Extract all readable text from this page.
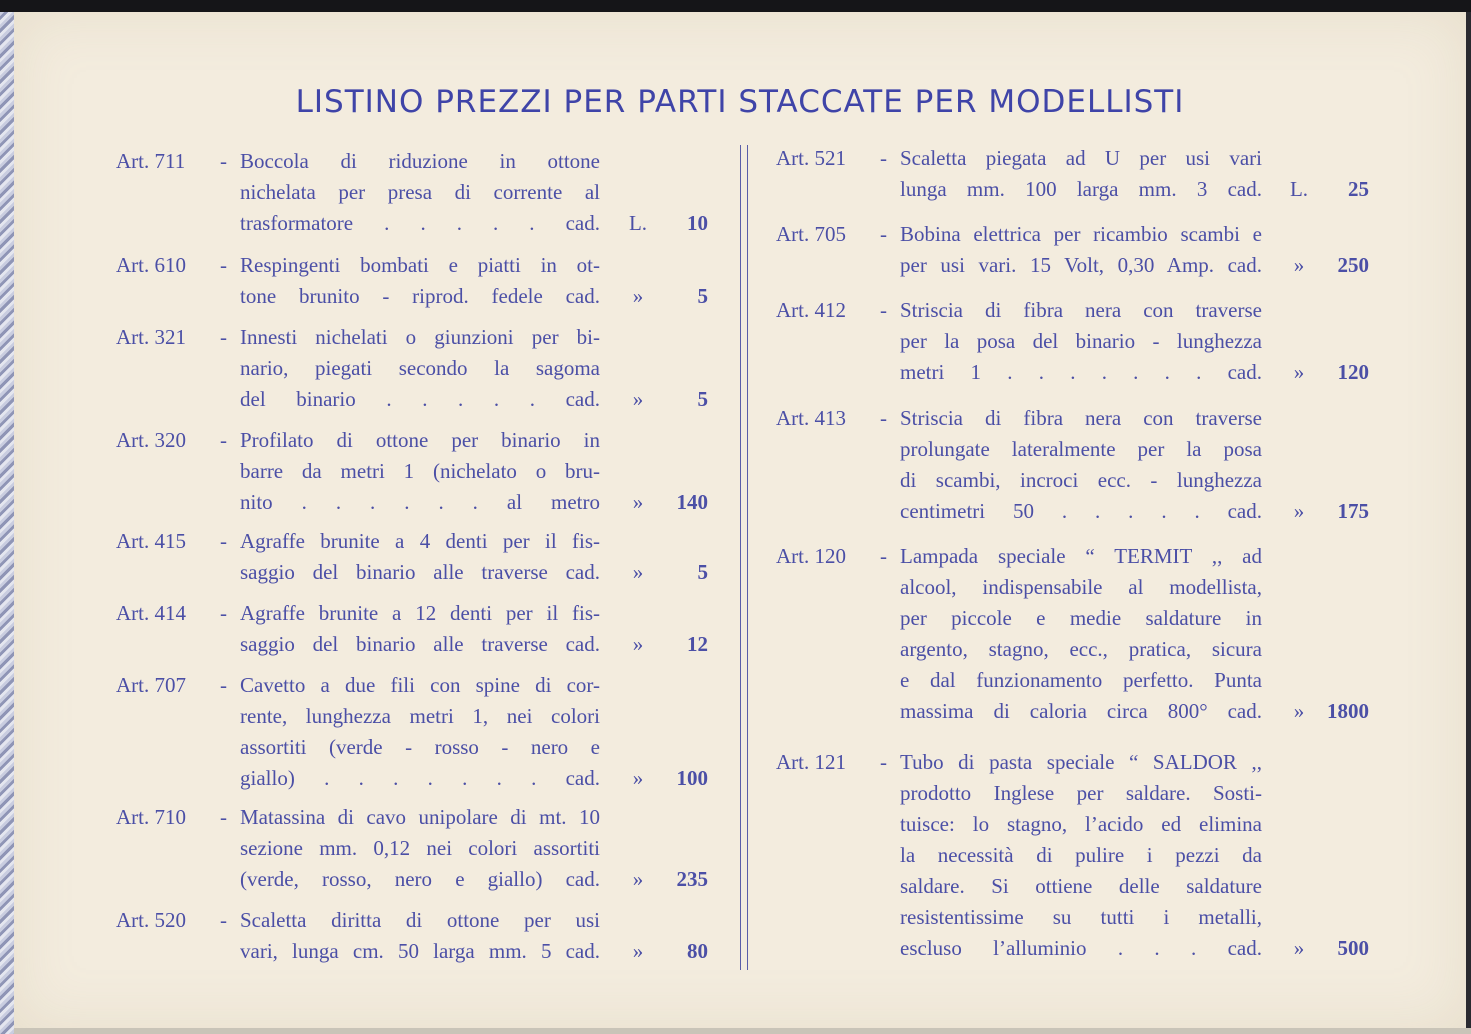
LISTINO PREZZI PER PARTI STACCATE PER MODELLISTI
Art. 711 - Boccola di riduzione in ottone
nichelata per presa di corrente al
trasformatore . . . . . cad. L.	10
Art. 610 - Respingenti bombati e piatti in ot-
tone brunito - riprod. fedele cad.	»	5
Art. 321 - Innesti nichelati o giunzioni per bi-
nario, piegati secondo la sagoma
del binario . . . . . cad.	»	5
Art. 320 - Profilato di ottone per binario in
barre da metri 1 (nichelato o bru-
nito . . . . . . al metro	»	140
Art. 415 - Agraffe brunite a 4 denti per il fis-
saggio del binario alle traverse cad.	»	5
Art. 414 - Agraffe brunite a 12 denti per il fis-
saggio del binario alle traverse cad.	»	12
Art. 707 - Cavetto a due fili con spine di cor-
rente, lunghezza metri 1, nei colori
assortiti (verde - rosso - nero e
giallo) . . . . . . . cad.	»	100
Art. 710 - Matassina di cavo unipolare di mt. 10
sezione mm. 0,12 nei colori assortiti
(verde, rosso, nero e giallo) cad.	»	235
Art. 520 - Scaletta diritta di ottone per usi
vari, lunga cm. 50 larga mm. 5 cad.	»	80
Art. 521 - Scaletta piegata ad U per usi vari
lunga mm. 100 larga mm. 3 cad. L.	25
Art. 705 - Bobina elettrica per ricambio scambi e
per usi vari. 15 Volt, 0,30 Amp. cad.	»	250
Art. 412 - Striscia di fibra nera con traverse
per la posa del binario - lunghezza
metri 1 . . . . . . . cad.	»	120
Art. 413 - Striscia di fibra nera con traverse
prolungate lateralmente per la posa
di scambi, incroci ecc. - lunghezza
centimetri 50 . . . . . cad.	»	175
Art. 120 - Lampada speciale “ TERMIT ,, ad
alcool, indispensabile al modellista,
per piccole e medie saldature in
argento, stagno, ecc., pratica, sicura
e dal funzionamento perfetto. Punta
massima di caloria circa 800° cad.	»	1800
Art. 121 - Tubo di pasta speciale “ SALDOR ,,
prodotto Inglese per saldare. Sosti-
tuisce: lo stagno, l’acido ed elimina
la necessità di pulire i pezzi da
saldare. Si ottiene delle saldature
resistentissime su tutti i metalli,
escluso l’alluminio . . . cad.	»	500
